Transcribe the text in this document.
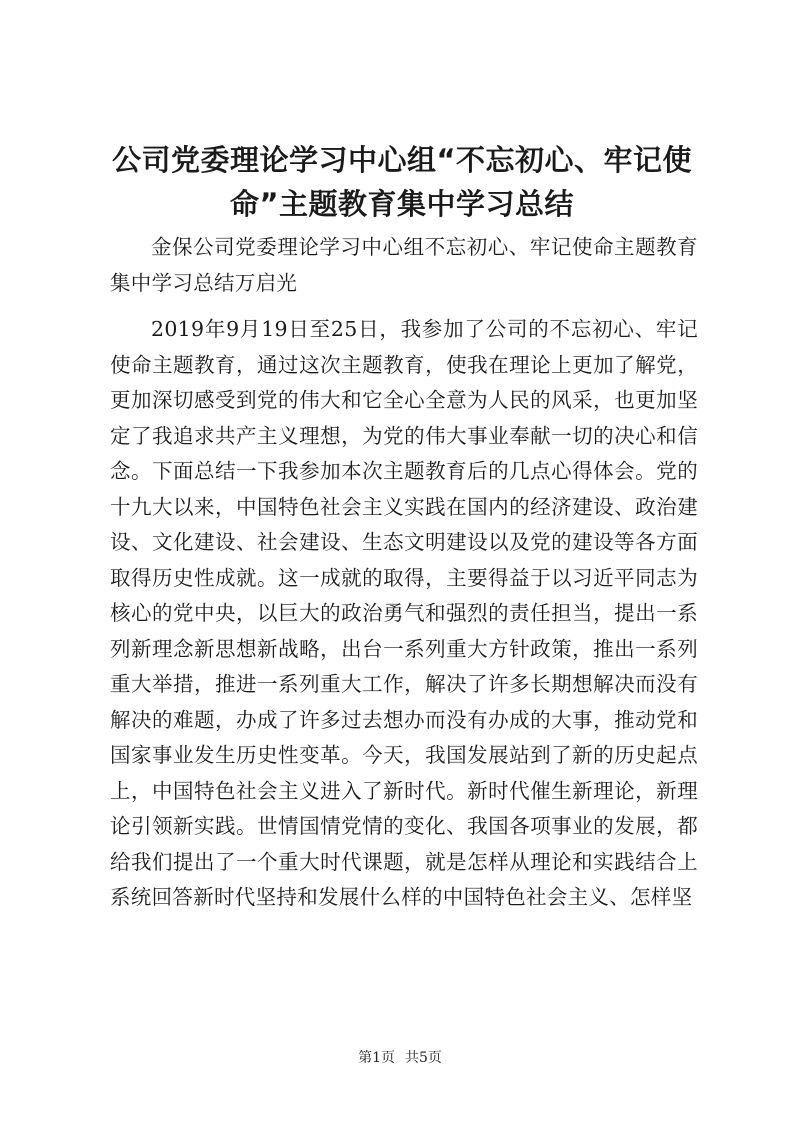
公司党委理论学习中心组“不忘初心、牢记使命”主题教育集中学习总结

金保公司党委理论学习中心组不忘初心、牢记使命主题教育集中学习总结万启光

2019年9月19日至25日，我参加了公司的不忘初心、牢记使命主题教育，通过这次主题教育，使我在理论上更加了解党，更加深切感受到党的伟大和它全心全意为人民的风采，也更加坚定了我追求共产主义理想，为党的伟大事业奉献一切的决心和信念。下面总结一下我参加本次主题教育后的几点心得体会。党的十九大以来，中国特色社会主义实践在国内的经济建设、政治建设、文化建设、社会建设、生态文明建设以及党的建设等各方面取得历史性成就。这一成就的取得，主要得益于以习近平同志为核心的党中央，以巨大的政治勇气和强烈的责任担当，提出一系列新理念新思想新战略，出台一系列重大方针政策，推出一系列重大举措，推进一系列重大工作，解决了许多长期想解决而没有解决的难题，办成了许多过去想办而没有办成的大事，推动党和国家事业发生历史性变革。今天，我国发展站到了新的历史起点上，中国特色社会主义进入了新时代。新时代催生新理论，新理论引领新实践。世情国情党情的变化、我国各项事业的发展，都给我们提出了一个重大时代课题，就是怎样从理论和实践结合上系统回答新时代坚持和发展什么样的中国特色社会主义、怎样坚

第1页 共5页
